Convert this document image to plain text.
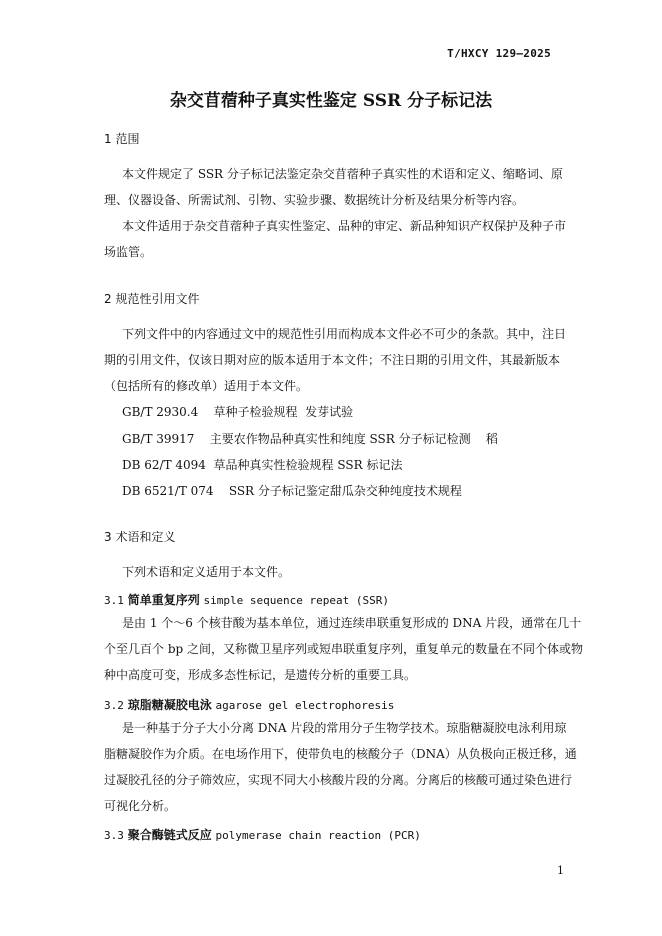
T/HXCY 129—2025
杂交苜蓿种子真实性鉴定 SSR 分子标记法
1 范围
本文件规定了 SSR 分子标记法鉴定杂交苜蓿种子真实性的术语和定义、缩略词、原
理、仪器设备、所需试剂、引物、实验步骤、数据统计分析及结果分析等内容。
本文件适用于杂交苜蓿种子真实性鉴定、品种的审定、新品种知识产权保护及种子市
场监管。
2 规范性引用文件
下列文件中的内容通过文中的规范性引用而构成本文件必不可少的条款。其中，注日
期的引用文件，仅该日期对应的版本适用于本文件；不注日期的引用文件，其最新版本
（包括所有的修改单）适用于本文件。
GB/T 2930.4    草种子检验规程  发芽试验
GB/T 39917    主要农作物品种真实性和纯度 SSR 分子标记检测    稻
DB 62/T 4094  草品种真实性检验规程 SSR 标记法
DB 6521/T 074    SSR 分子标记鉴定甜瓜杂交种纯度技术规程
3 术语和定义
下列术语和定义适用于本文件。
3.1 简单重复序列 simple sequence repeat (SSR)
是由 1 个～6 个核苷酸为基本单位，通过连续串联重复形成的 DNA 片段，通常在几十
个至几百个 bp 之间，又称微卫星序列或短串联重复序列，重复单元的数量在不同个体或物
种中高度可变，形成多态性标记，是遗传分析的重要工具。
3.2 琼脂糖凝胶电泳 agarose gel electrophoresis
是一种基于分子大小分离 DNA 片段的常用分子生物学技术。琼脂糖凝胶电泳利用琼
脂糖凝胶作为介质。在电场作用下，使带负电的核酸分子（DNA）从负极向正极迁移，通
过凝胶孔径的分子筛效应，实现不同大小核酸片段的分离。分离后的核酸可通过染色进行
可视化分析。
3.3 聚合酶链式反应 polymerase chain reaction (PCR)
1
